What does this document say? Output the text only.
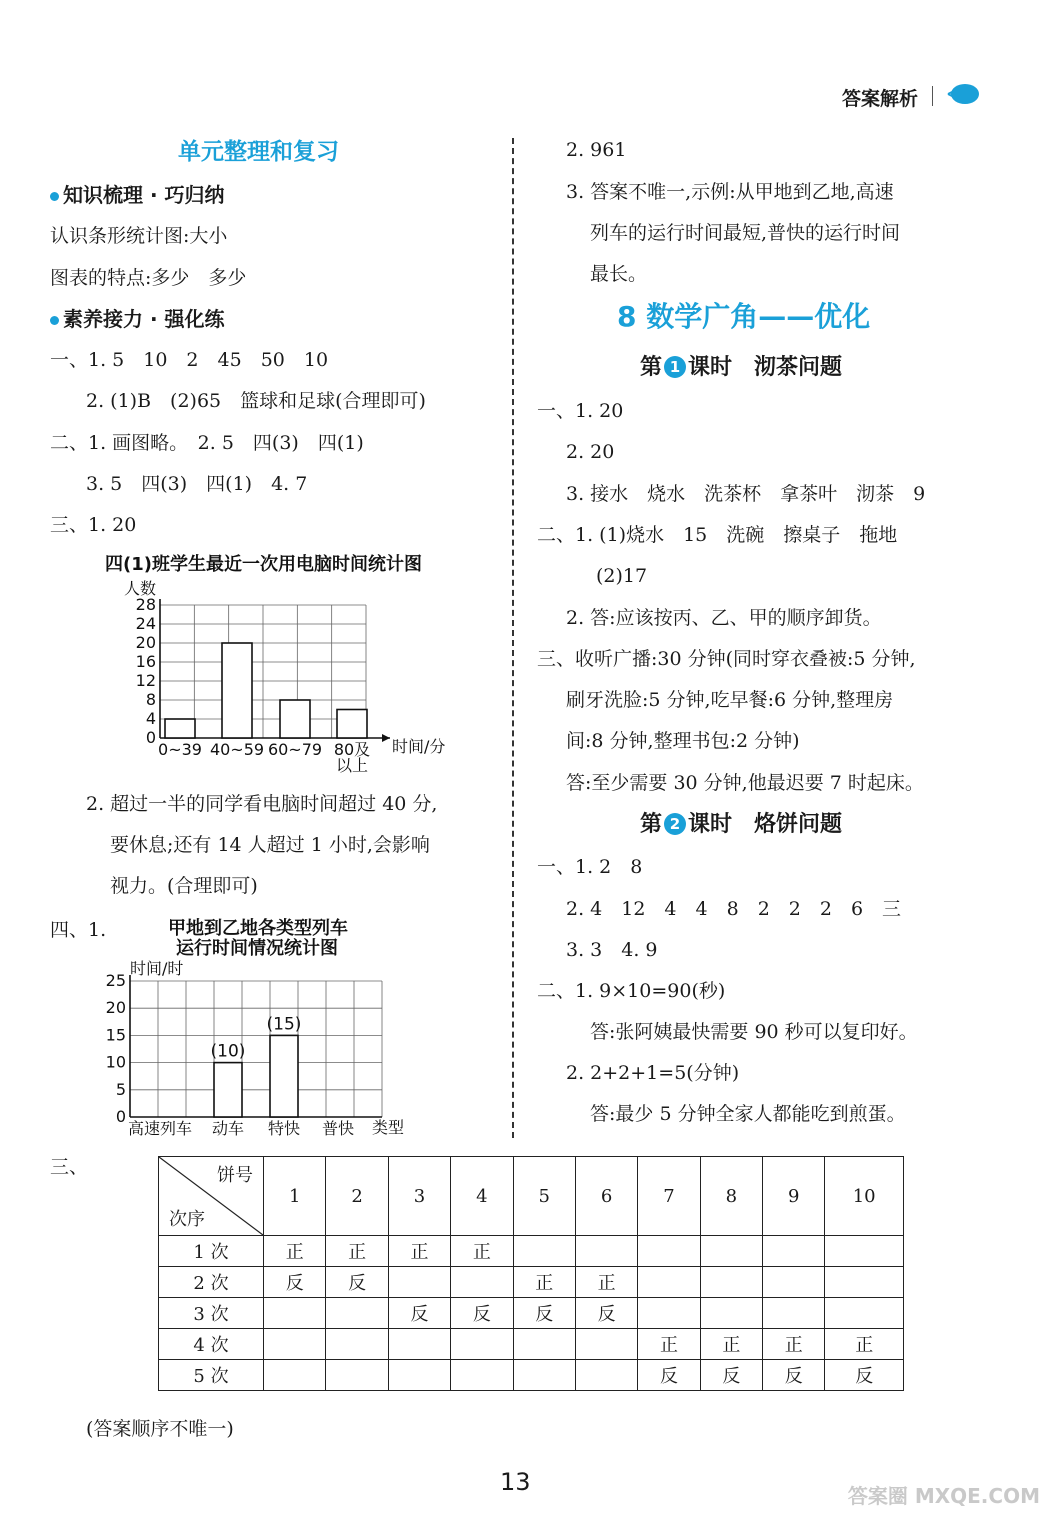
答案解析
单元整理和复习
知识梳理 · 巧归纳
认识条形统计图:大小
图表的特点:多少　多少
素养接力 · 强化练
一、1. 5　10　2　45　50　10
2. (1)B　(2)65　篮球和足球(合理即可)
二、1. 画图略。　2. 5　四(3)　四(1)
3. 5　四(3)　四(1)　4. 7
三、1. 20
四(1)班学生最近一次用电脑时间统计图
人数
0
4
8
12
16
20
24
28
0~39 40~59 60~79 80及
以上
时间/分
2. 超过一半的同学看电脑时间超过 40 分,
要休息;还有 14 人超过 1 小时,会影响
视力。(合理即可)
四、1.	甲地到乙地各类型列车
运行时间情况统计图
时间/时
0
5
10
15
20
25
(10)
(15)
高速列车 动车 特快 普快 类型
2. 961
3. 答案不唯一,示例:从甲地到乙地,高速
列车的运行时间最短,普快的运行时间
最长。
8 数学广角——优化
第 1 课时　沏茶问题
一、1. 20
2. 20
3. 接水　烧水　洗茶杯　拿茶叶　沏茶　9
二、1. (1)烧水　15　洗碗　擦桌子　拖地
(2)17
2. 答:应该按丙、乙、甲的顺序卸货。
三、收听广播:30 分钟(同时穿衣叠被:5 分钟,
刷牙洗脸:5 分钟,吃早餐:6 分钟,整理房
间:8 分钟,整理书包:2 分钟)
答:至少需要 30 分钟,他最迟要 7 时起床。
第 2 课时　烙饼问题
一、1. 2　8
2. 4　12　4　4　8　2　2　2　6　三
3. 3　4. 9
二、1. 9×10=90(秒)
答:张阿姨最快需要 90 秒可以复印好。
2. 2+2+1=5(分钟)
答:最少 5 分钟全家人都能吃到煎蛋。
三、	饼号
次序	1	2	3	4	5	6	7	8	9	10
1 次	正	正	正	正						
2 次	反	反			正	正				
3 次			反	反	反	反				
4 次							正	正	正	正
5 次							反	反	反	反
(答案顺序不唯一)
13	答案圈 MXQE.COM
